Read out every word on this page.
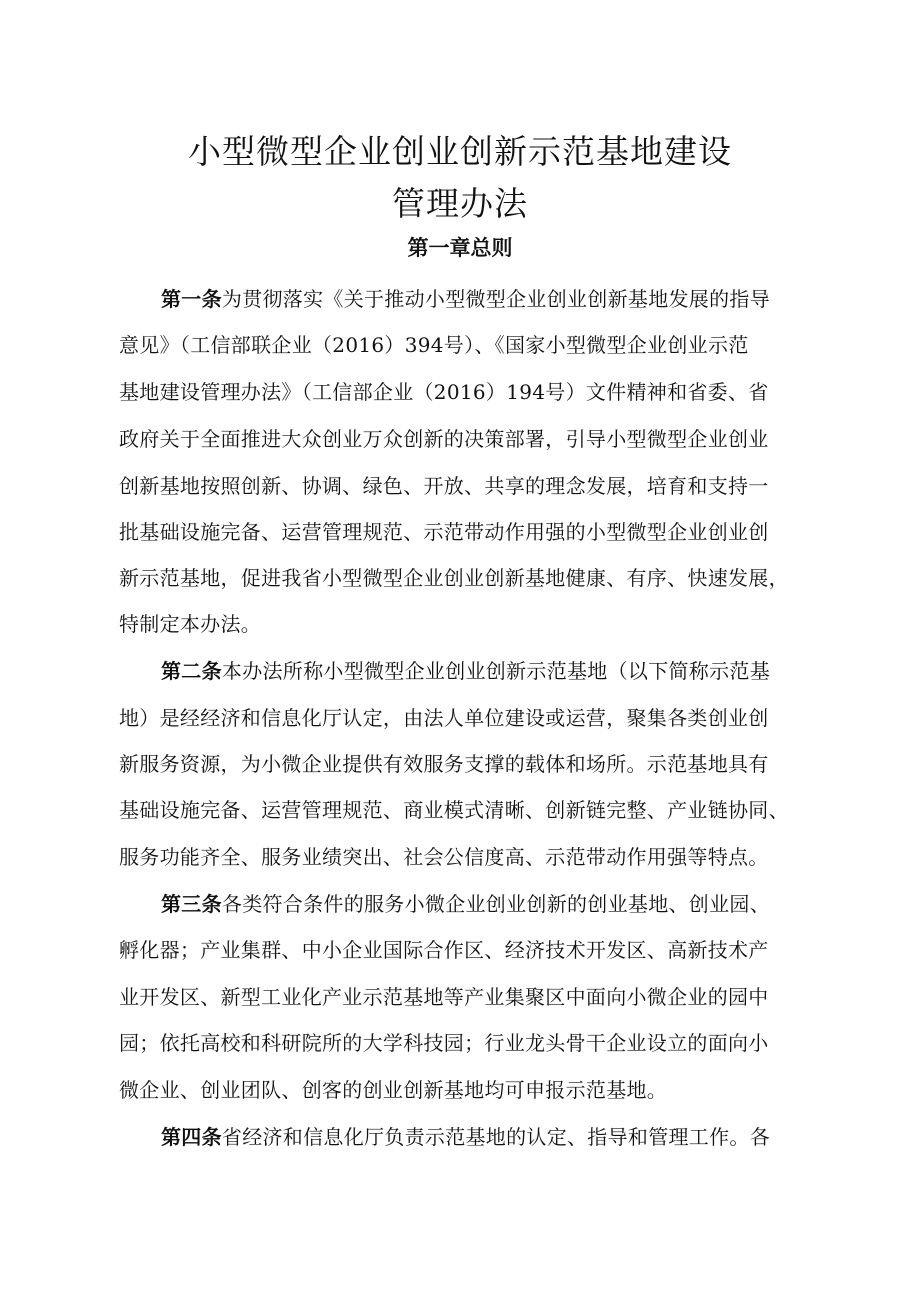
小型微型企业创业创新示范基地建设
管理办法
第一章总则

第一条为贯彻落实《关于推动小型微型企业创业创新基地发展的指导

意见》（工信部联企业（2016）394号）、《国家小型微型企业创业示范

基地建设管理办法》（工信部企业（2016）194号）文件精神和省委、省

政府关于全面推进大众创业万众创新的决策部署，引导小型微型企业创业

创新基地按照创新、协调、绿色、开放、共享的理念发展，培育和支持一

批基础设施完备、运营管理规范、示范带动作用强的小型微型企业创业创

新示范基地，促进我省小型微型企业创业创新基地健康、有序、快速发展，

特制定本办法。

第二条本办法所称小型微型企业创业创新示范基地（以下简称示范基

地）是经经济和信息化厅认定，由法人单位建设或运营，聚集各类创业创

新服务资源，为小微企业提供有效服务支撑的载体和场所。示范基地具有

基础设施完备、运营管理规范、商业模式清晰、创新链完整、产业链协同、

服务功能齐全、服务业绩突出、社会公信度高、示范带动作用强等特点。

第三条各类符合条件的服务小微企业创业创新的创业基地、创业园、

孵化器；产业集群、中小企业国际合作区、经济技术开发区、高新技术产

业开发区、新型工业化产业示范基地等产业集聚区中面向小微企业的园中

园；依托高校和科研院所的大学科技园；行业龙头骨干企业设立的面向小

微企业、创业团队、创客的创业创新基地均可申报示范基地。

第四条省经济和信息化厅负责示范基地的认定、指导和管理工作。各
